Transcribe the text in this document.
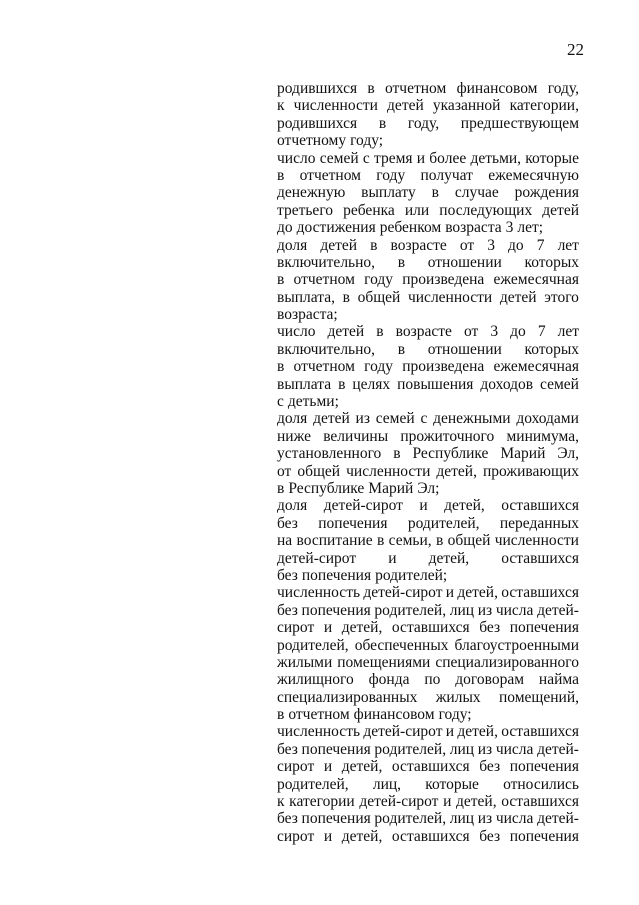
22
родившихся в отчетном финансовом году,
к численности детей указанной категории,
родившихся в году, предшествующем
отчетному году;
число семей с тремя и более детьми, которые
в отчетном году получат ежемесячную
денежную выплату в случае рождения
третьего ребенка или последующих детей
до достижения ребенком возраста 3 лет;
доля детей в возрасте от 3 до 7 лет
включительно, в отношении которых
в отчетном году произведена ежемесячная
выплата, в общей численности детей этого
возраста;
число детей в возрасте от 3 до 7 лет
включительно, в отношении которых
в отчетном году произведена ежемесячная
выплата в целях повышения доходов семей
с детьми;
доля детей из семей с денежными доходами
ниже величины прожиточного минимума,
установленного в Республике Марий Эл,
от общей численности детей, проживающих
в Республике Марий Эл;
доля детей-сирот и детей, оставшихся
без попечения родителей, переданных
на воспитание в семьи, в общей численности
детей-сирот и детей, оставшихся
без попечения родителей;
численность детей-сирот и детей, оставшихся
без попечения родителей, лиц из числа детей-
сирот и детей, оставшихся без попечения
родителей, обеспеченных благоустроенными
жилыми помещениями специализированного
жилищного фонда по договорам найма
специализированных жилых помещений,
в отчетном финансовом году;
численность детей-сирот и детей, оставшихся
без попечения родителей, лиц из числа детей-
сирот и детей, оставшихся без попечения
родителей, лиц, которые относились
к категории детей-сирот и детей, оставшихся
без попечения родителей, лиц из числа детей-
сирот и детей, оставшихся без попечения
